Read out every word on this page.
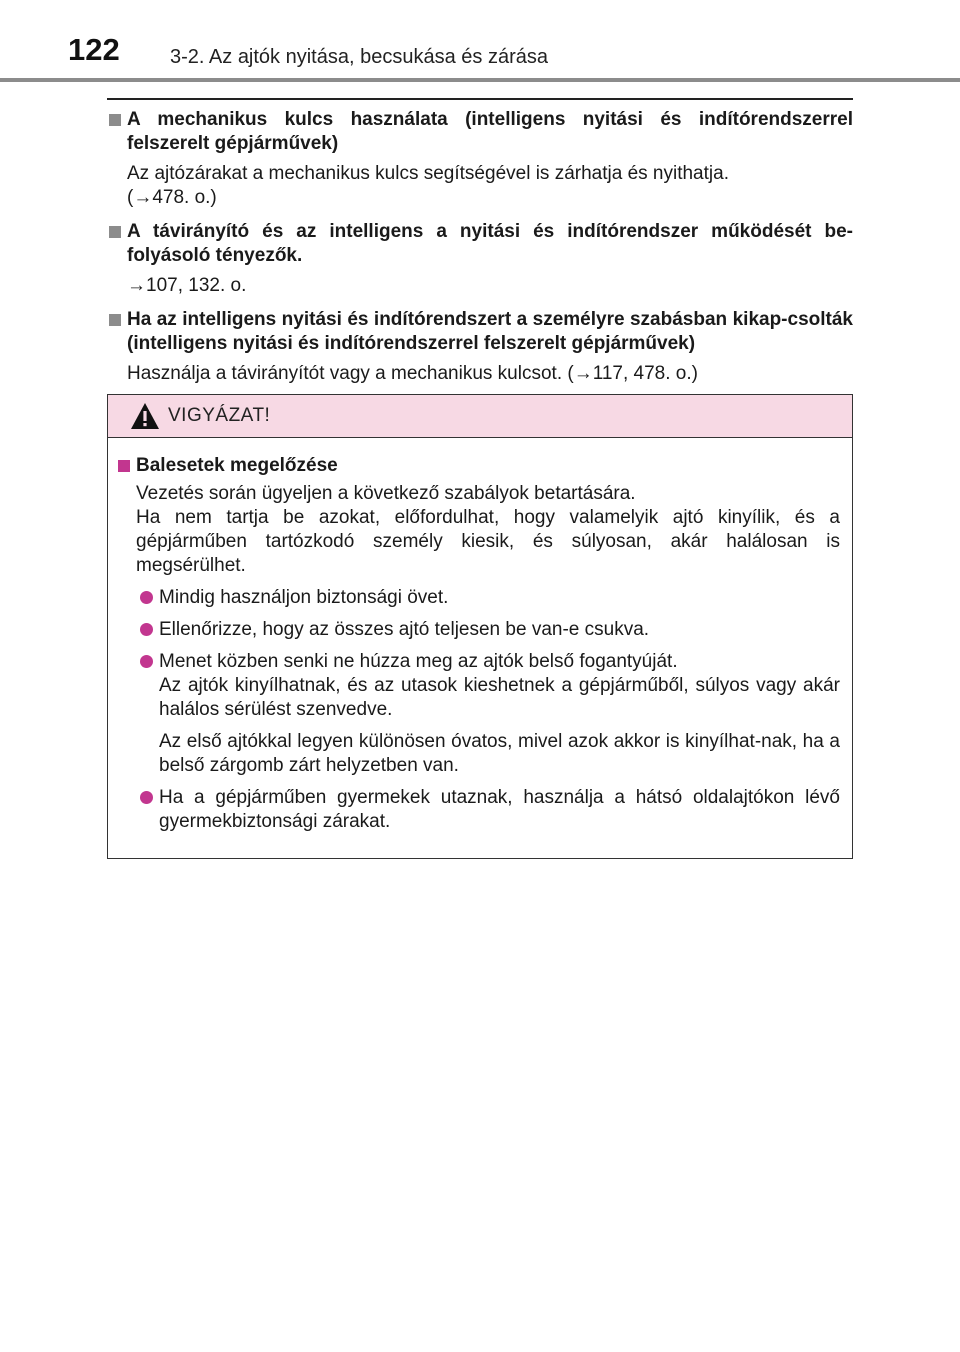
122	3-2. Az ajtók nyitása, becsukása és zárása
A mechanikus kulcs használata (intelligens nyitási és indítórendszerrel felszerelt gépjárművek)
Az ajtózárakat a mechanikus kulcs segítségével is zárhatja és nyithatja.
(→478. o.)
A távirányító és az intelligens a nyitási és indítórendszer működését be-folyásoló tényezők.
→107, 132. o.
Ha az intelligens nyitási és indítórendszert a személyre szabásban kikap-csolták (intelligens nyitási és indítórendszerrel felszerelt gépjárművek)
Használja a távirányítót vagy a mechanikus kulcsot. (→117, 478. o.)
VIGYÁZAT!
Balesetek megelőzése
Vezetés során ügyeljen a következő szabályok betartására.
Ha nem tartja be azokat, előfordulhat, hogy valamelyik ajtó kinyílik, és a gépjárműben tartózkodó személy kiesik, és súlyosan, akár halálosan is megsérülhet.
Mindig használjon biztonsági övet.
Ellenőrizze, hogy az összes ajtó teljesen be van-e csukva.
Menet közben senki ne húzza meg az ajtók belső fogantyúját.
Az ajtók kinyílhatnak, és az utasok kieshetnek a gépjárműből, súlyos vagy akár halálos sérülést szenvedve.
Az első ajtókkal legyen különösen óvatos, mivel azok akkor is kinyílhat-nak, ha a belső zárgomb zárt helyzetben van.
Ha a gépjárműben gyermekek utaznak, használja a hátsó oldalajtókon lévő gyermekbiztonsági zárakat.
